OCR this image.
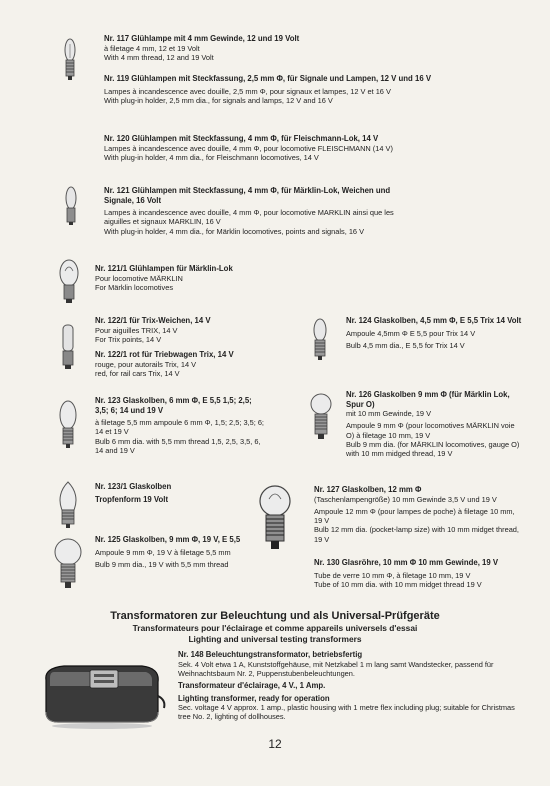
Nr. 117 Glühlampe mit 4 mm Gewinde, 12 und 19 Volt

à filetage 4 mm, 12 et 19 Volt

With 4 mm thread, 12 and 19 Volt

Nr. 119 Glühlampen mit Steckfassung, 2,5 mm Φ, für Signale und Lampen, 12 V und 16 V

Lampes à incandescence avec douille, 2,5 mm Φ, pour signaux et lampes, 12 V et 16 V

With plug-in holder, 2,5 mm dia., for signals and lamps, 12 V and 16 V

Nr. 120 Glühlampen mit Steckfassung, 4 mm Φ, für Fleischmann-Lok, 14 V

Lampes à incandescence avec douille, 4 mm Φ, pour locomotive FLEISCHMANN (14 V)

With plug-in holder, 4 mm dia., for Fleischmann locomotives, 14 V

Nr. 121 Glühlampen mit Steckfassung, 4 mm Φ, für Märklin-Lok, Weichen und Signale, 16 Volt

Lampes à incandescence avec douille, 4 mm Φ, pour locomotive MARKLIN ainsi que les aiguilles et signaux MARKLIN, 16 V

With plug-in holder, 4 mm dia., for Märklin locomotives, points and signals, 16 V

Nr. 121/1 Glühlampen für Märklin-Lok

Pour locomotive MÄRKLIN

For Märklin locomotives

Nr. 122/1 für Trix-Weichen, 14 V

Pour aiguilles TRIX, 14 V

For Trix points, 14 V

Nr. 122/1 rot für Triebwagen Trix, 14 V

rouge, pour autorails Trix, 14 V

red, for rail cars Trix, 14 V

Nr. 123 Glaskolben, 6 mm Φ, E 5,5 1,5; 2,5; 3,5; 6; 14 und 19 V

à filetage 5,5 mm ampoule 6 mm Φ, 1,5; 2,5; 3,5; 6; 14 et 19 V

Bulb 6 mm dia. with 5,5 mm thread 1,5, 2,5, 3,5, 6, 14 and 19 V

Nr. 123/1 Glaskolben

Tropfenform 19 Volt

Nr. 125 Glaskolben, 9 mm Φ, 19 V, E 5,5

Ampoule 9 mm Φ, 19 V à filetage 5,5 mm

Bulb 9 mm dia., 19 V with 5,5 mm thread

Nr. 124 Glaskolben, 4,5 mm Φ, E 5,5 Trix 14 Volt

Ampoule 4,5mm Φ E 5,5 pour Trix 14 V

Bulb 4,5 mm dia., E 5,5 for Trix 14 V

Nr. 126 Glaskolben 9 mm Φ (für Märklin Lok, Spur O)

mit 10 mm Gewinde, 19 V

Ampoule 9 mm Φ (pour locomotives MÄRKLIN voie O) à filetage 10 mm, 19 V

Bulb 9 mm dia. (for MÄRKLIN locomotives, gauge O) with 10 mm midged thread, 19 V

Nr. 127 Glaskolben, 12 mm Φ

(Taschenlampengröße) 10 mm Gewinde 3,5 V und 19 V

Ampoule 12 mm Φ (pour lampes de poche) à filetage 10 mm, 19 V

Bulb 12 mm dia. (pocket-lamp size) with 10 mm midget thread, 19 V

Nr. 130 Glasröhre, 10 mm Φ 10 mm Gewinde, 19 V

Tube de verre 10 mm Φ, à filetage 10 mm, 19 V

Tube of 10 mm dia. with 10 mm midget thread 19 V

Transformatoren zur Beleuchtung und als Universal-Prüfgeräte
Transformateurs pour l'éclairage et comme appareils universels d'essai
Lighting and universal testing transformers

Nr. 148 Beleuchtungstransformator, betriebsfertig

Sek. 4 Volt etwa 1 A, Kunststoffgehäuse, mit Netzkabel 1 m lang samt Wandstecker, passend für Weihnachtsbaum Nr. 2, Puppenstubenbeleuchtungen.

Transformateur d'éclairage, 4 V., 1 Amp.

Lighting transformer, ready for operation

Sec. voltage 4 V approx. 1 amp., plastic housing with 1 metre flex including plug; suitable for Christmas tree No. 2, lighting of dollhouses.

12
